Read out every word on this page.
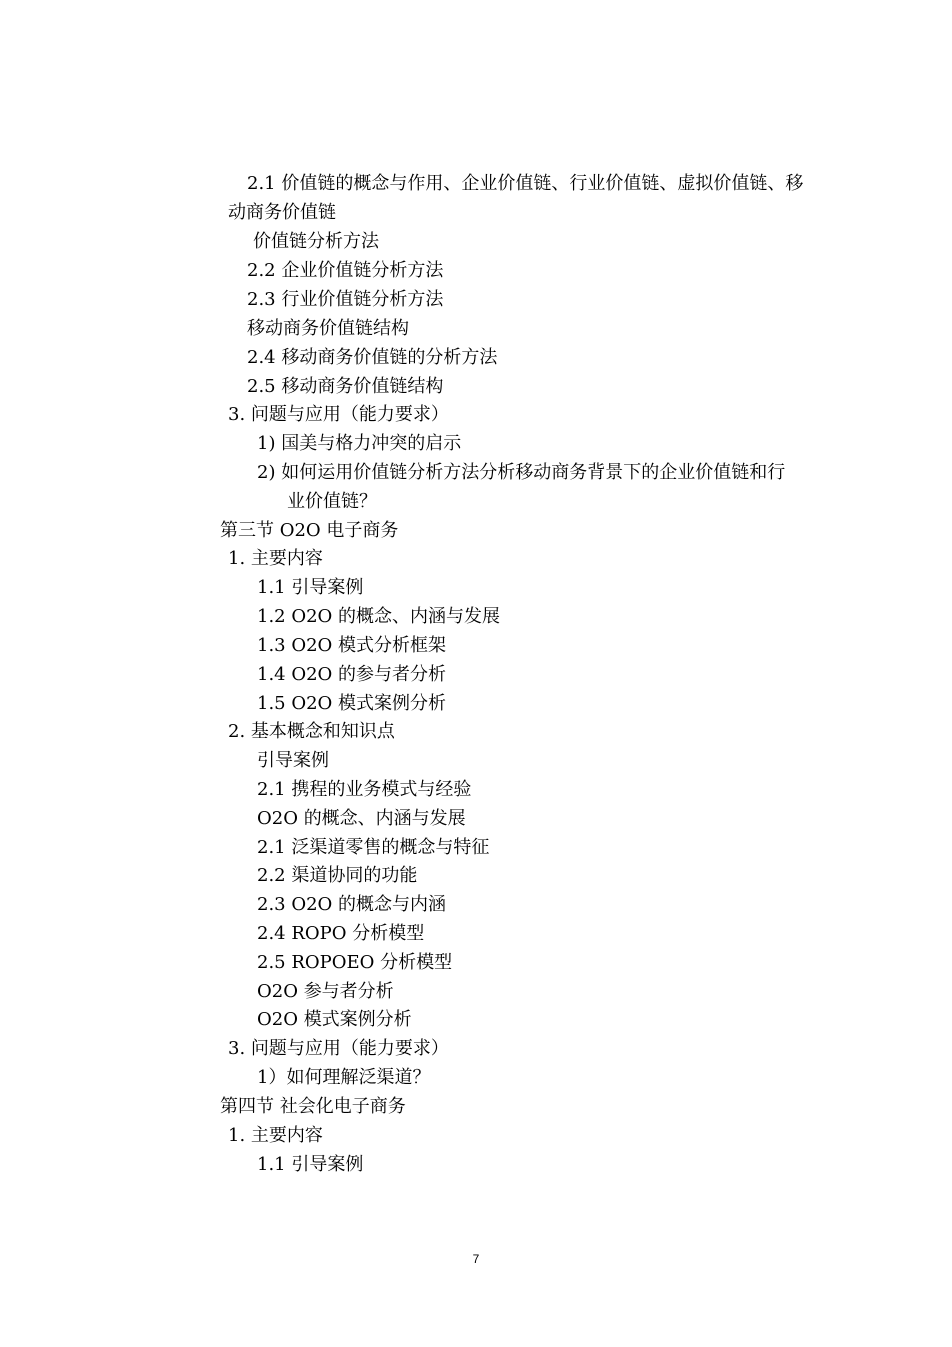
2.1 价值链的概念与作用、企业价值链、行业价值链、虚拟价值链、移
动商务价值链
价值链分析方法
2.2 企业价值链分析方法
2.3 行业价值链分析方法
移动商务价值链结构
2.4 移动商务价值链的分析方法
2.5 移动商务价值链结构
3. 问题与应用（能力要求）
1) 国美与格力冲突的启示
2) 如何运用价值链分析方法分析移动商务背景下的企业价值链和行
业价值链？
第三节 O2O 电子商务
1. 主要内容
1.1 引导案例
1.2 O2O 的概念、内涵与发展
1.3 O2O 模式分析框架
1.4 O2O 的参与者分析
1.5 O2O 模式案例分析
2. 基本概念和知识点
引导案例
2.1 携程的业务模式与经验
O2O 的概念、内涵与发展
2.1 泛渠道零售的概念与特征
2.2 渠道协同的功能
2.3 O2O 的概念与内涵
2.4 ROPO 分析模型
2.5 ROPOEO 分析模型
O2O 参与者分析
O2O 模式案例分析
3. 问题与应用（能力要求）
1）如何理解泛渠道？
第四节 社会化电子商务
1. 主要内容
1.1 引导案例
7
